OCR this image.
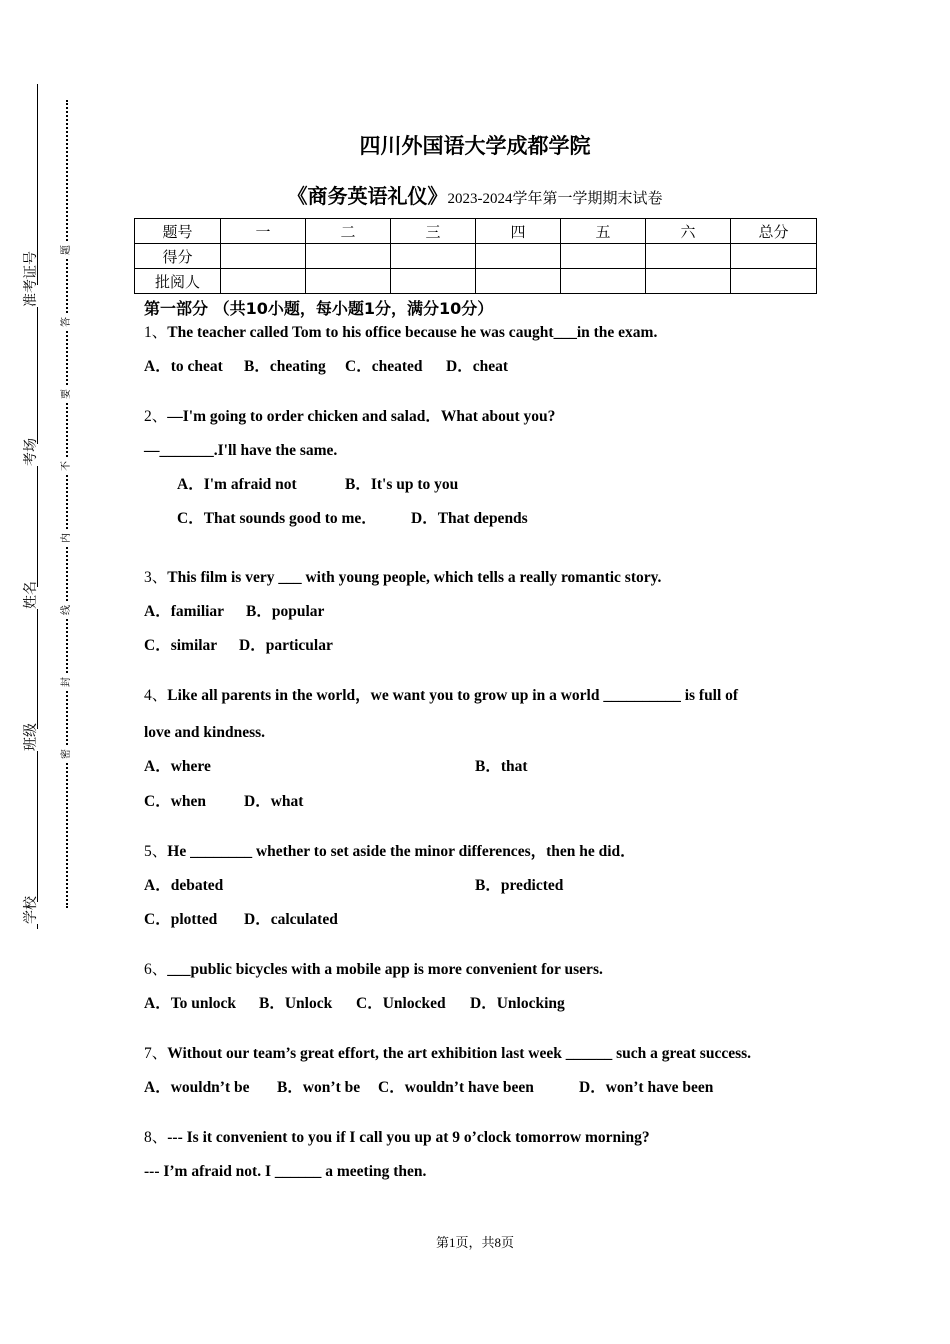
准考证号
考场
姓名
班级
学校
题
答
要
不
内
线
封
密
四川外国语大学成都学院
《商务英语礼仪》2023-2024学年第一学期期末试卷
题号	一	二	三	四	五	六	总分
得分							
批阅人							
第一部分 （共10小题，每小题1分，满分10分）
1、The teacher called Tom to his office because he was caught___in the exam.
A．to cheat B．cheating C．cheated D．cheat
2、—I'm going to order chicken and salad．What about you?
—_______.I'll have the same.
A．I'm afraid not	B．It's up to you
C．That sounds good to me． D．That depends
3、This film is very ___ with young people, which tells a really romantic story.
A．familiar B．popular
C．similar D．particular
4、Like all parents in the world，we want you to grow up in a world __________ is full of
love and kindness.
A．where	B．that
C．when D．what
5、He ________ whether to set aside the minor differences，then he did．
A．debated	B．predicted
C．plotted D．calculated
6、___public bicycles with a mobile app is more convenient for users.
A．To unlock B．Unlock C．Unlocked D．Unlocking
7、Without our team’s great effort, the art exhibition last week ______ such a great success.
A．wouldn’t be B．won’t be C．wouldn’t have been	D．won’t have been
8、--- Is it convenient to you if I call you up at 9 o’clock tomorrow morning?
--- I’m afraid not. I ______ a meeting then.
第1页，共8页
